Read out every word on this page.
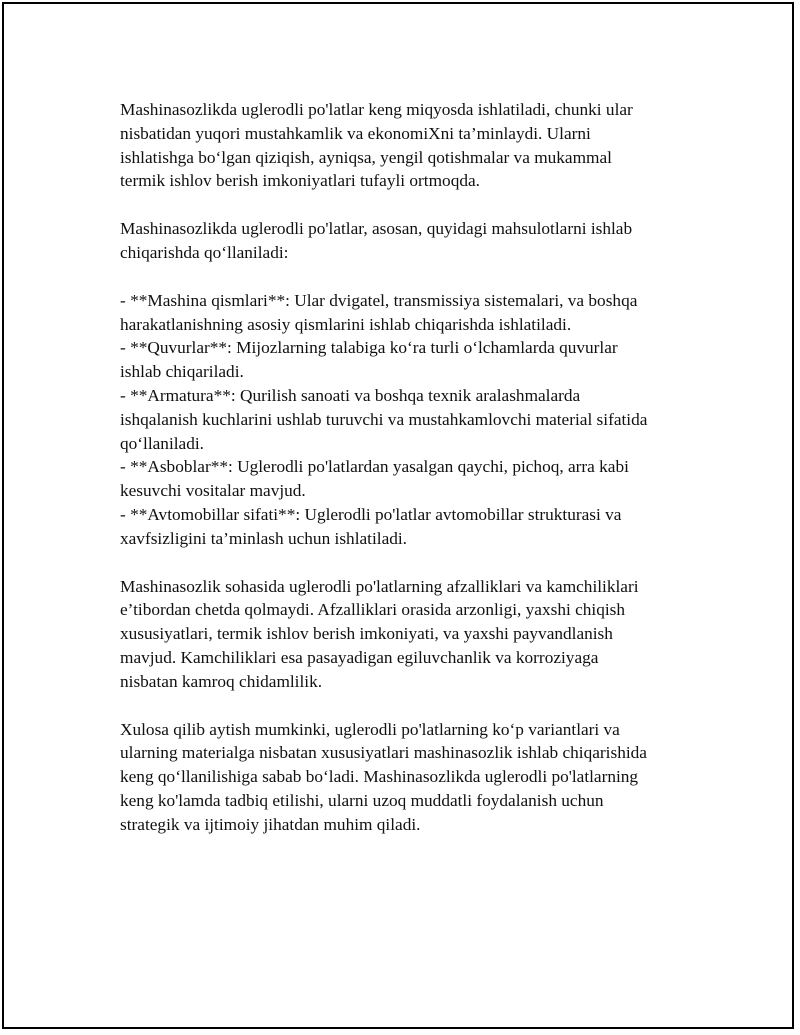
Mashinasozlikda uglerodli po'latlar keng miqyosda ishlatiladi, chunki ular
nisbatidan yuqori mustahkamlik va ekonomiXni ta’minlaydi. Ularni
ishlatishga bo‘lgan qiziqish, ayniqsa, yengil qotishmalar va mukammal
termik ishlov berish imkoniyatlari tufayli ortmoqda.

Mashinasozlikda uglerodli po'latlar, asosan, quyidagi mahsulotlarni ishlab
chiqarishda qo‘llaniladi:

- **Mashina qismlari**: Ular dvigatel, transmissiya sistemalari, va boshqa
harakatlanishning asosiy qismlarini ishlab chiqarishda ishlatiladi.
- **Quvurlar**: Mijozlarning talabiga ko‘ra turli o‘lchamlarda quvurlar
ishlab chiqariladi.
- **Armatura**: Qurilish sanoati va boshqa texnik aralashmalarda
ishqalanish kuchlarini ushlab turuvchi va mustahkamlovchi material sifatida
qo‘llaniladi.
- **Asboblar**: Uglerodli po'latlardan yasalgan qaychi, pichoq, arra kabi
kesuvchi vositalar mavjud.
- **Avtomobillar sifati**: Uglerodli po'latlar avtomobillar strukturasi va
xavfsizligini ta’minlash uchun ishlatiladi.

Mashinasozlik sohasida uglerodli po'latlarning afzalliklari va kamchiliklari
e’tibordan chetda qolmaydi. Afzalliklari orasida arzonligi, yaxshi chiqish
xususiyatlari, termik ishlov berish imkoniyati, va yaxshi payvandlanish
mavjud. Kamchiliklari esa pasayadigan egiluvchanlik va korroziyaga
nisbatan kamroq chidamlilik.

Xulosa qilib aytish mumkinki, uglerodli po'latlarning ko‘p variantlari va
ularning materialga nisbatan xususiyatlari mashinasozlik ishlab chiqarishida
keng qo‘llanilishiga sabab bo‘ladi. Mashinasozlikda uglerodli po'latlarning
keng ko'lamda tadbiq etilishi, ularni uzoq muddatli foydalanish uchun
strategik va ijtimoiy jihatdan muhim qiladi.
